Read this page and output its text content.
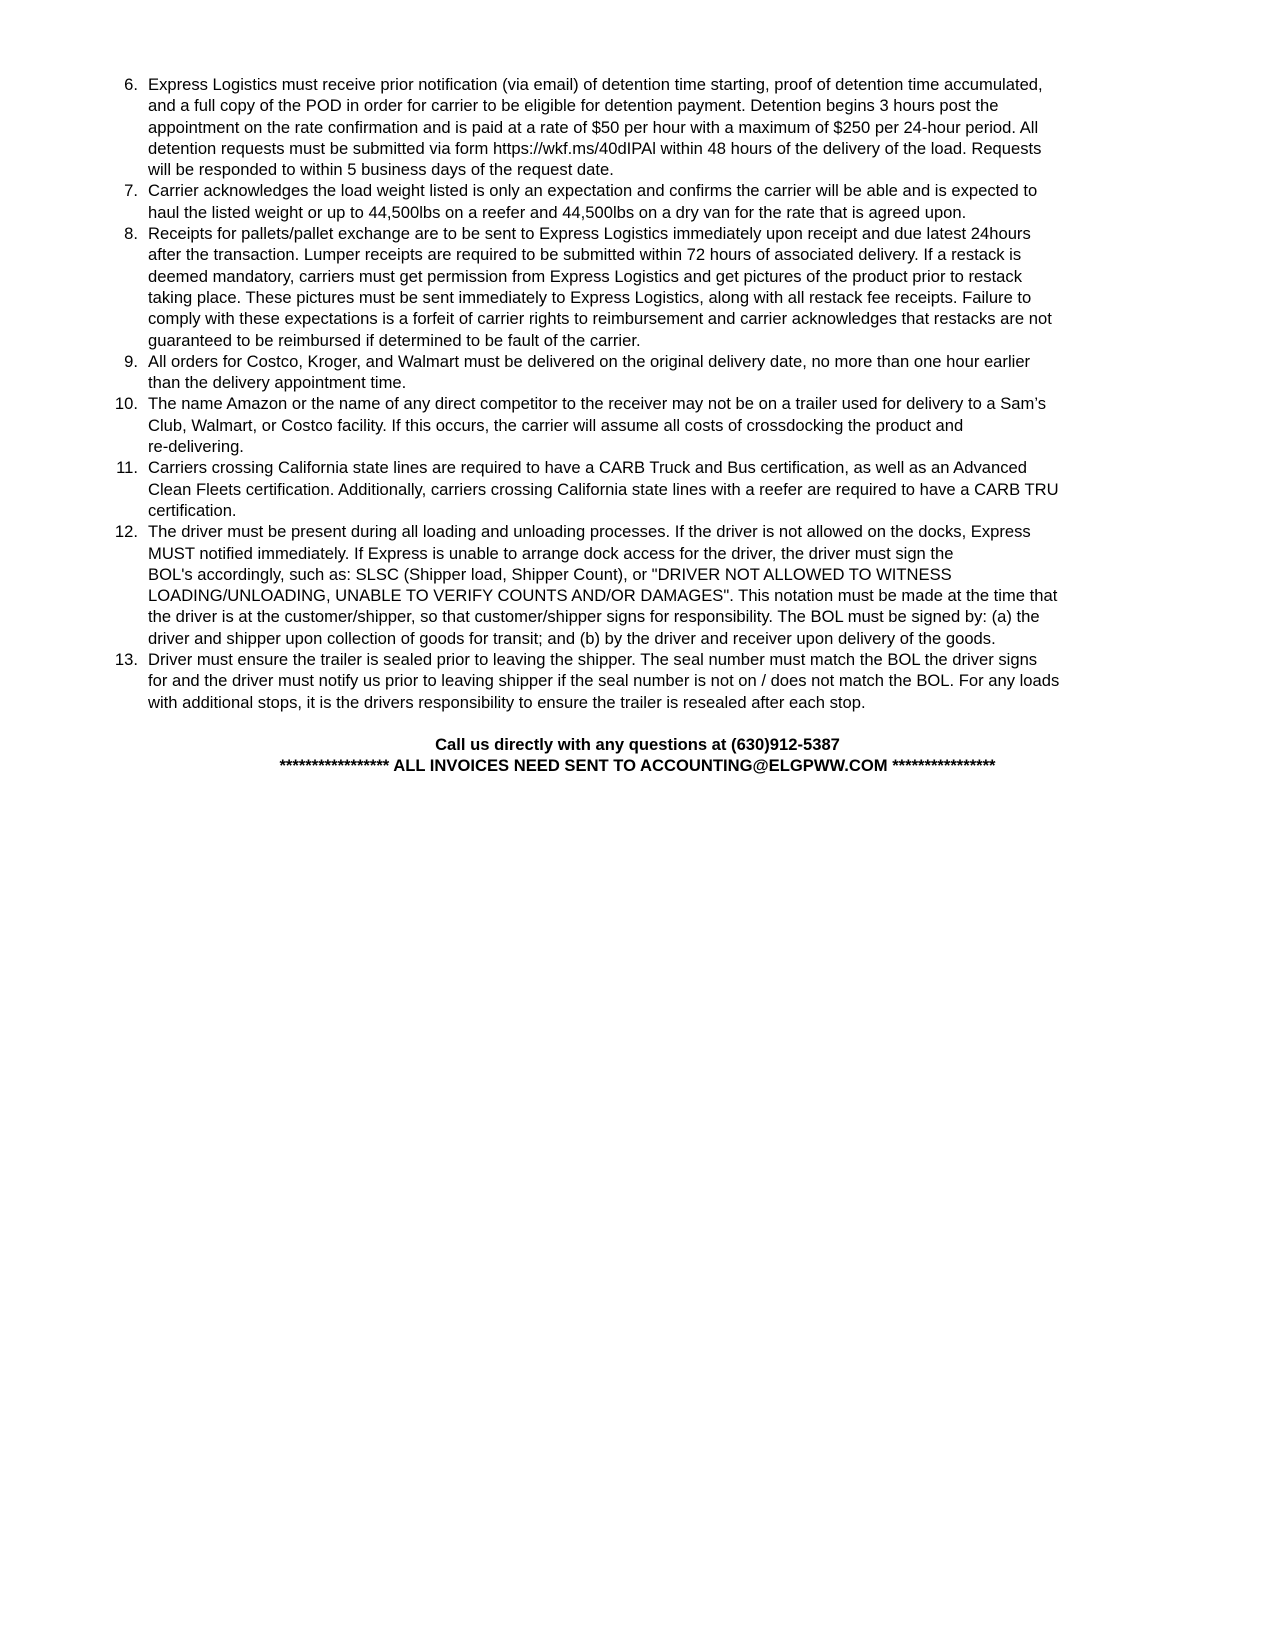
6. Express Logistics must receive prior notification (via email) of detention time starting, proof of detention time accumulated,
and a full copy of the POD in order for carrier to be eligible for detention payment. Detention begins 3 hours post the
appointment on the rate confirmation and is paid at a rate of $50 per hour with a maximum of $250 per 24-hour period. All
detention requests must be submitted via form https://wkf.ms/40dIPAl within 48 hours of the delivery of the load. Requests
will be responded to within 5 business days of the request date.
7. Carrier acknowledges the load weight listed is only an expectation and confirms the carrier will be able and is expected to
haul the listed weight or up to 44,500lbs on a reefer and 44,500lbs on a dry van for the rate that is agreed upon.
8. Receipts for pallets/pallet exchange are to be sent to Express Logistics immediately upon receipt and due latest 24hours
after the transaction. Lumper receipts are required to be submitted within 72 hours of associated delivery. If a restack is
deemed mandatory, carriers must get permission from Express Logistics and get pictures of the product prior to restack
taking place. These pictures must be sent immediately to Express Logistics, along with all restack fee receipts. Failure to
comply with these expectations is a forfeit of carrier rights to reimbursement and carrier acknowledges that restacks are not
guaranteed to be reimbursed if determined to be fault of the carrier.
9. All orders for Costco, Kroger, and Walmart must be delivered on the original delivery date, no more than one hour earlier
than the delivery appointment time.
10. The name Amazon or the name of any direct competitor to the receiver may not be on a trailer used for delivery to a Sam’s
Club, Walmart, or Costco facility. If this occurs, the carrier will assume all costs of crossdocking the product and
re-delivering.
11. Carriers crossing California state lines are required to have a CARB Truck and Bus certification, as well as an Advanced
Clean Fleets certification. Additionally, carriers crossing California state lines with a reefer are required to have a CARB TRU
certification.
12. The driver must be present during all loading and unloading processes. If the driver is not allowed on the docks, Express
MUST notified immediately. If Express is unable to arrange dock access for the driver, the driver must sign the
BOL's accordingly, such as: SLSC (Shipper load, Shipper Count), or "DRIVER NOT ALLOWED TO WITNESS
LOADING/UNLOADING, UNABLE TO VERIFY COUNTS AND/OR DAMAGES". This notation must be made at the time that
the driver is at the customer/shipper, so that customer/shipper signs for responsibility. The BOL must be signed by: (a) the
driver and shipper upon collection of goods for transit; and (b) by the driver and receiver upon delivery of the goods.
13. Driver must ensure the trailer is sealed prior to leaving the shipper. The seal number must match the BOL the driver signs
for and the driver must notify us prior to leaving shipper if the seal number is not on / does not match the BOL. For any loads
with additional stops, it is the drivers responsibility to ensure the trailer is resealed after each stop.
Call us directly with any questions at (630)912-5387
***************** ALL INVOICES NEED SENT TO ACCOUNTING@ELGPWW.COM ****************
